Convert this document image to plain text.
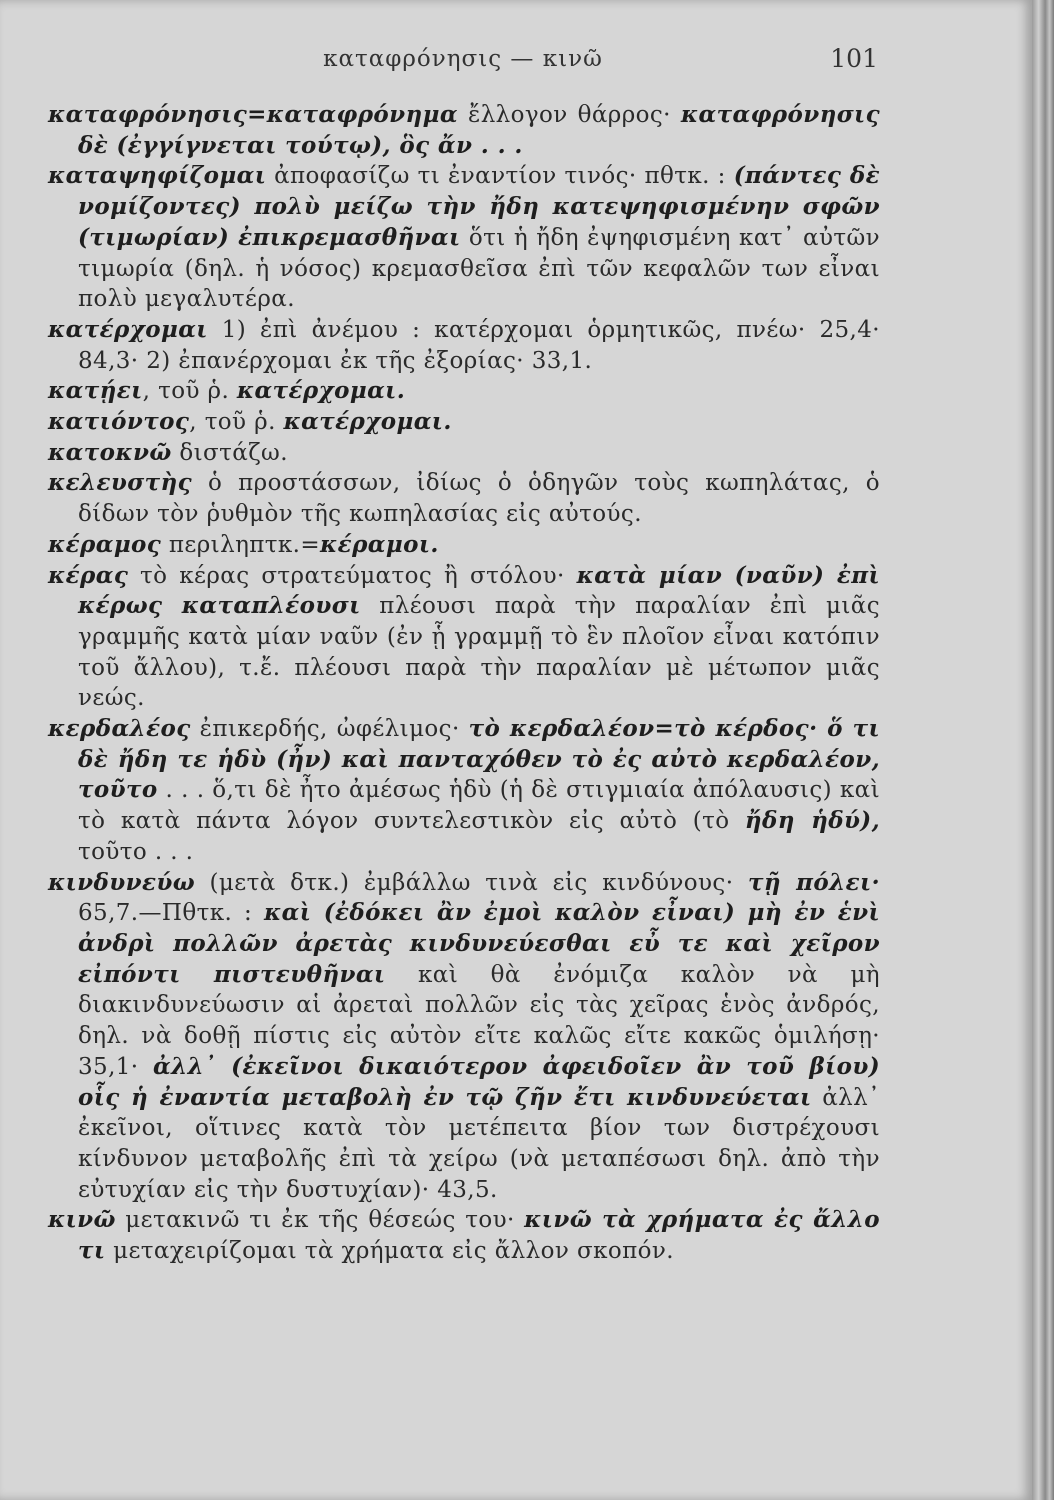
καταφρόνησις — κινῶ	101

καταφρόνησις=καταφρόνημα ἔλλογον θάρρος· καταφρόνησις δὲ (ἐγγίγνεται τούτῳ), ὃς ἄν . . .

καταψηφίζομαι ἀποφασίζω τι ἐναντίον τινός· πθτκ. : (πάντες δὲ νομίζοντες) πολὺ μείζω τὴν ἤδη κατεψηφισμένην σφῶν (τιμωρίαν) ἐπικρεμασθῆναι ὅτι ἡ ἤδη ἐψηφισμένη κατ᾿ αὐτῶν τιμωρία (δηλ. ἡ νόσος) κρεμασθεῖσα ἐπὶ τῶν κεφαλῶν των εἶναι πολὺ μεγαλυτέρα.

κατέρχομαι 1) ἐπὶ ἀνέμου : κατέρχομαι ὁρμητικῶς, πνέω· 25,4· 84,3· 2) ἐπανέρχομαι ἐκ τῆς ἐξορίας· 33,1.

κατῄει, τοῦ ῥ. κατέρχομαι.

κατιόντος, τοῦ ῥ. κατέρχομαι.

κατοκνῶ διστάζω.

κελευστὴς ὁ προστάσσων, ἰδίως ὁ ὁδηγῶν τοὺς κωπηλάτας, ὁ δίδων τὸν ῥυθμὸν τῆς κωπηλασίας εἰς αὐτούς.

κέραμος περιληπτκ.=κέραμοι.

κέρας τὸ κέρας στρατεύματος ἢ στόλου· κατὰ μίαν (ναῦν) ἐπὶ κέρως καταπλέουσι πλέουσι παρὰ τὴν παραλίαν ἐπὶ μιᾶς γραμμῆς κατὰ μίαν ναῦν (ἐν ᾗ γραμμῇ τὸ ἓν πλοῖον εἶναι κατόπιν τοῦ ἄλλου), τ.ἔ. πλέουσι παρὰ τὴν παραλίαν μὲ μέτωπον μιᾶς νεώς.

κερδαλέος ἐπικερδής, ὠφέλιμος· τὸ κερδαλέον=τὸ κέρδος· ὅ τι δὲ ἤδη τε ἡδὺ (ἦν) καὶ πανταχόθεν τὸ ἐς αὐτὸ κερδαλέον, τοῦτο . . . ὅ,τι δὲ ἦτο ἀμέσως ἡδὺ (ἡ δὲ στιγμιαία ἀπόλαυσις) καὶ τὸ κατὰ πάντα λόγον συντελεστικὸν εἰς αὐτὸ (τὸ ἤδη ἡδύ), τοῦτο . . .

κινδυνεύω (μετὰ δτκ.) ἐμβάλλω τινὰ εἰς κινδύνους· τῇ πόλει· 65,7.—Πθτκ. : καὶ (ἐδόκει ἂν ἐμοὶ καλὸν εἶναι) μὴ ἐν ἑνὶ ἀνδρὶ πολλῶν ἀρετὰς κινδυνεύεσθαι εὖ τε καὶ χεῖρον εἰπόντι πιστευθῆναι καὶ θὰ ἐνόμιζα καλὸν νὰ μὴ διακινδυνεύωσιν αἱ ἀρεταὶ πολλῶν εἰς τὰς χεῖρας ἑνὸς ἀνδρός, δηλ. νὰ δοθῇ πίστις εἰς αὐτὸν εἴτε καλῶς εἴτε κακῶς ὁμιλήσῃ· 35,1· ἀλλ᾿ (ἐκεῖνοι δικαιότερον ἀφειδοῖεν ἂν τοῦ βίου) οἷς ἡ ἐναντία μεταβολὴ ἐν τῷ ζῆν ἔτι κινδυνεύεται ἀλλ᾿ ἐκεῖνοι, οἵτινες κατὰ τὸν μετέπειτα βίον των διστρέχουσι κίνδυνον μεταβολῆς ἐπὶ τὰ χείρω (νὰ μεταπέσωσι δηλ. ἀπὸ τὴν εὐτυχίαν εἰς τὴν δυστυχίαν)· 43,5.

κινῶ μετακινῶ τι ἐκ τῆς θέσεώς του· κινῶ τὰ χρήματα ἐς ἄλλο τι μεταχειρίζομαι τὰ χρήματα εἰς ἄλλον σκοπόν.
